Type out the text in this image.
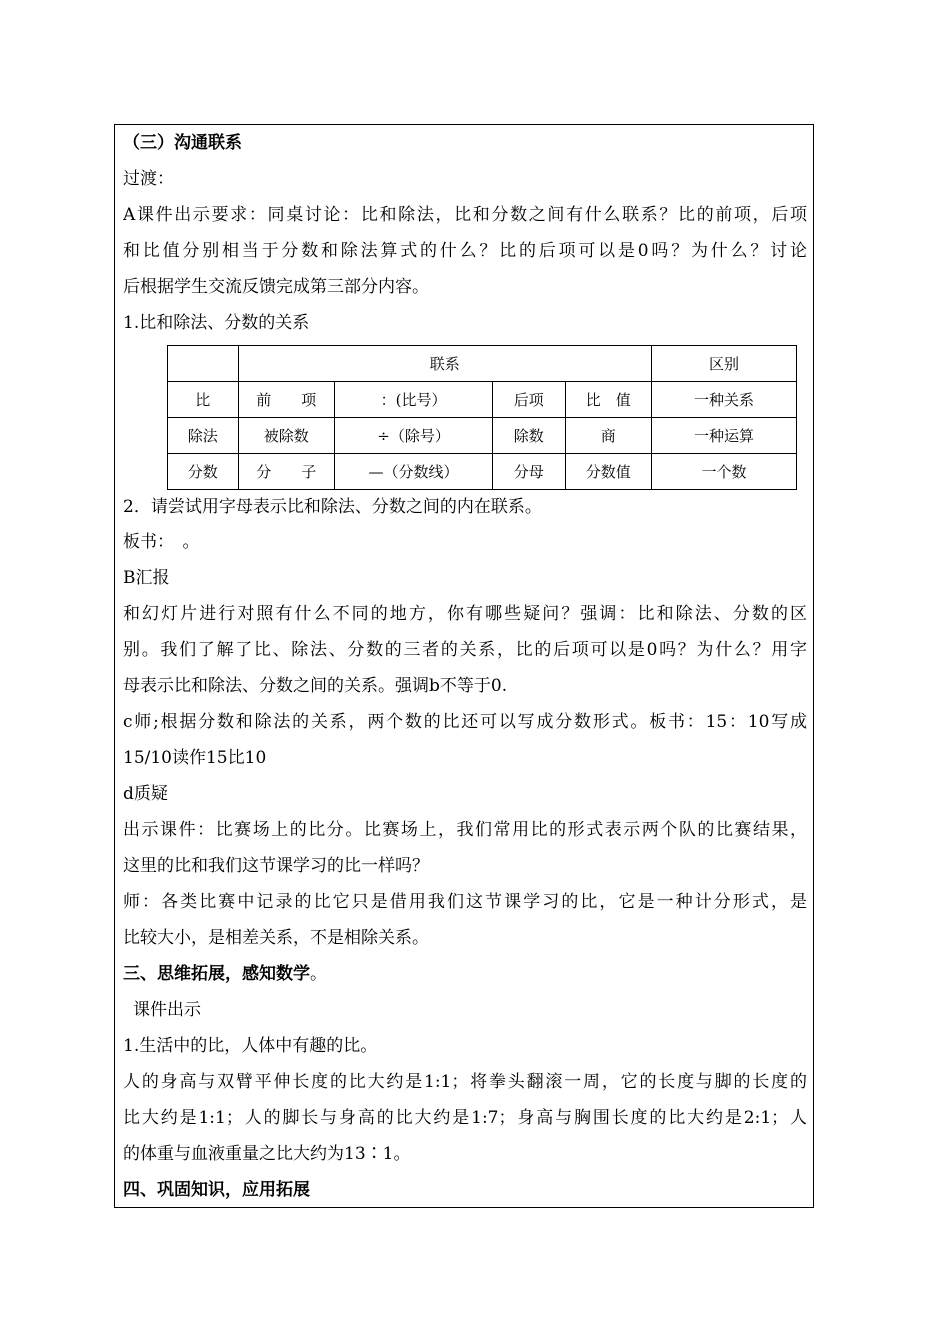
（三）沟通联系
过渡：
A课件出示要求：同桌讨论：比和除法，比和分数之间有什么联系？比的前项，后项
和比值分别相当于分数和除法算式的什么？比的后项可以是0吗？为什么？讨论
后根据学生交流反馈完成第三部分内容。
1.比和除法、分数的关系
	联系				区别
比	前　　项	：(比号）	后项	比　值	一种关系
除法	被除数	÷（除号）	除数	商	一种运算
分数	分　　子	—（分数线）	分母	分数值	一个数
2．请尝试用字母表示比和除法、分数之间的内在联系。
板书：　。
B汇报
和幻灯片进行对照有什么不同的地方，你有哪些疑问？强调：比和除法、分数的区
别。我们了解了比、除法、分数的三者的关系，比的后项可以是0吗？为什么？用字
母表示比和除法、分数之间的关系。强调b不等于0.
c师;根据分数和除法的关系，两个数的比还可以写成分数形式。板书：15：10写成
15/10读作15比10
d质疑
出示课件：比赛场上的比分。比赛场上，我们常用比的形式表示两个队的比赛结果，
这里的比和我们这节课学习的比一样吗？
师：各类比赛中记录的比它只是借用我们这节课学习的比，它是一种计分形式，是
比较大小，是相差关系，不是相除关系。
三、思维拓展，感知数学。
课件出示
1.生活中的比，人体中有趣的比。
人的身高与双臂平伸长度的比大约是1:1；将拳头翻滚一周，它的长度与脚的长度的
比大约是1:1；人的脚长与身高的比大约是1:7；身高与胸围长度的比大约是2:1；人
的体重与血液重量之比大约为13∶1。
四、巩固知识，应用拓展
